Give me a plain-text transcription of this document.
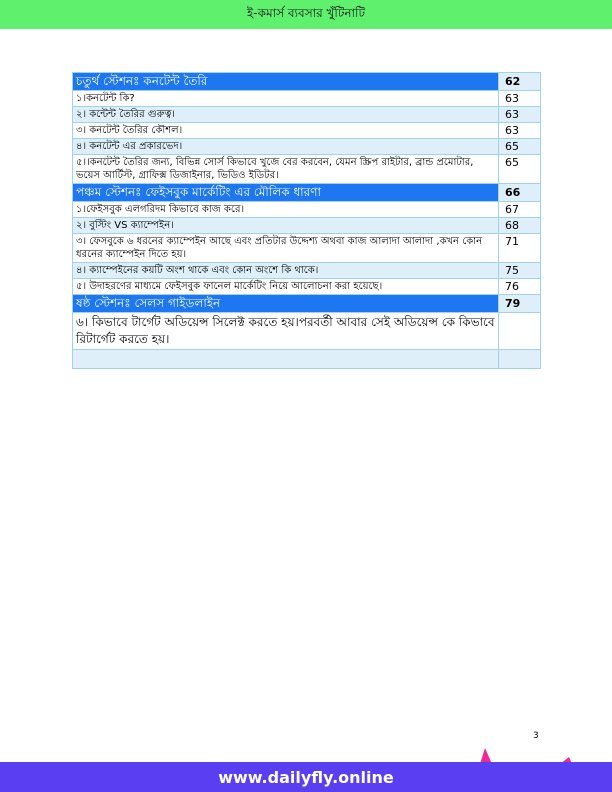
ই-কমার্স ব্যবসার খুঁটিনাটি
চতুর্থ স্টেশনঃ কনটেন্ট তৈরি	62
১।কনটেন্ট কি?	63
২। কন্টেন্ট তৈরির গুরুত্ব।	63
৩। কনটেন্ট তৈরির কৌশল।	63
৪। কনটেন্ট এর প্রকারভেদ।	65
৫।।কনটেন্ট তৈরির জন্য, বিভিন্ন সোর্স কিভাবে খুজে বের করবেন, যেমন স্ক্রিপ রাইটার, ব্রান্ড প্রমোটার, ভয়েস আর্টিস্ট, গ্রাফিক্স ডিজাইনার, ভিডিও ইডিটর।	65
পঞ্চম স্টেশনঃ ফেইসবুক মার্কেটিং এর মৌলিক ধারণা	66
১।ফেইসবুক এলগরিদম কিভাবে কাজ করে।	67
২। বুস্টিং VS ক্যাম্পেইন।	68
৩। ফেসবুকে ৬ ধরনের ক্যাম্পেইন আছে এবং প্রতিটার উদ্দেশ্য অথবা কাজ আলাদা আলাদা ,কখন কোন ধরনের ক্যাম্পেইন দিতে হয়।	71
৪। ক্যাম্পেইনের কয়টি অংশ থাকে এবং কোন অংশে কি থাকে।	75
৫। উদাহরণের মাধ্যমে ফেইসবুক ফানেল মার্কেটিং নিয়ে আলোচনা করা হয়েছে।	76
ষষ্ঠ স্টেশনঃ সেলস গাইডলাইন	79
৬। কিভাবে টার্গেট অডিয়েন্স সিলেক্ট করতে হয়।পরবর্তী আবার সেই অডিয়েন্স কে কিভাবে রিটার্গেট করতে হয়।	

3
www.dailyfly.online
